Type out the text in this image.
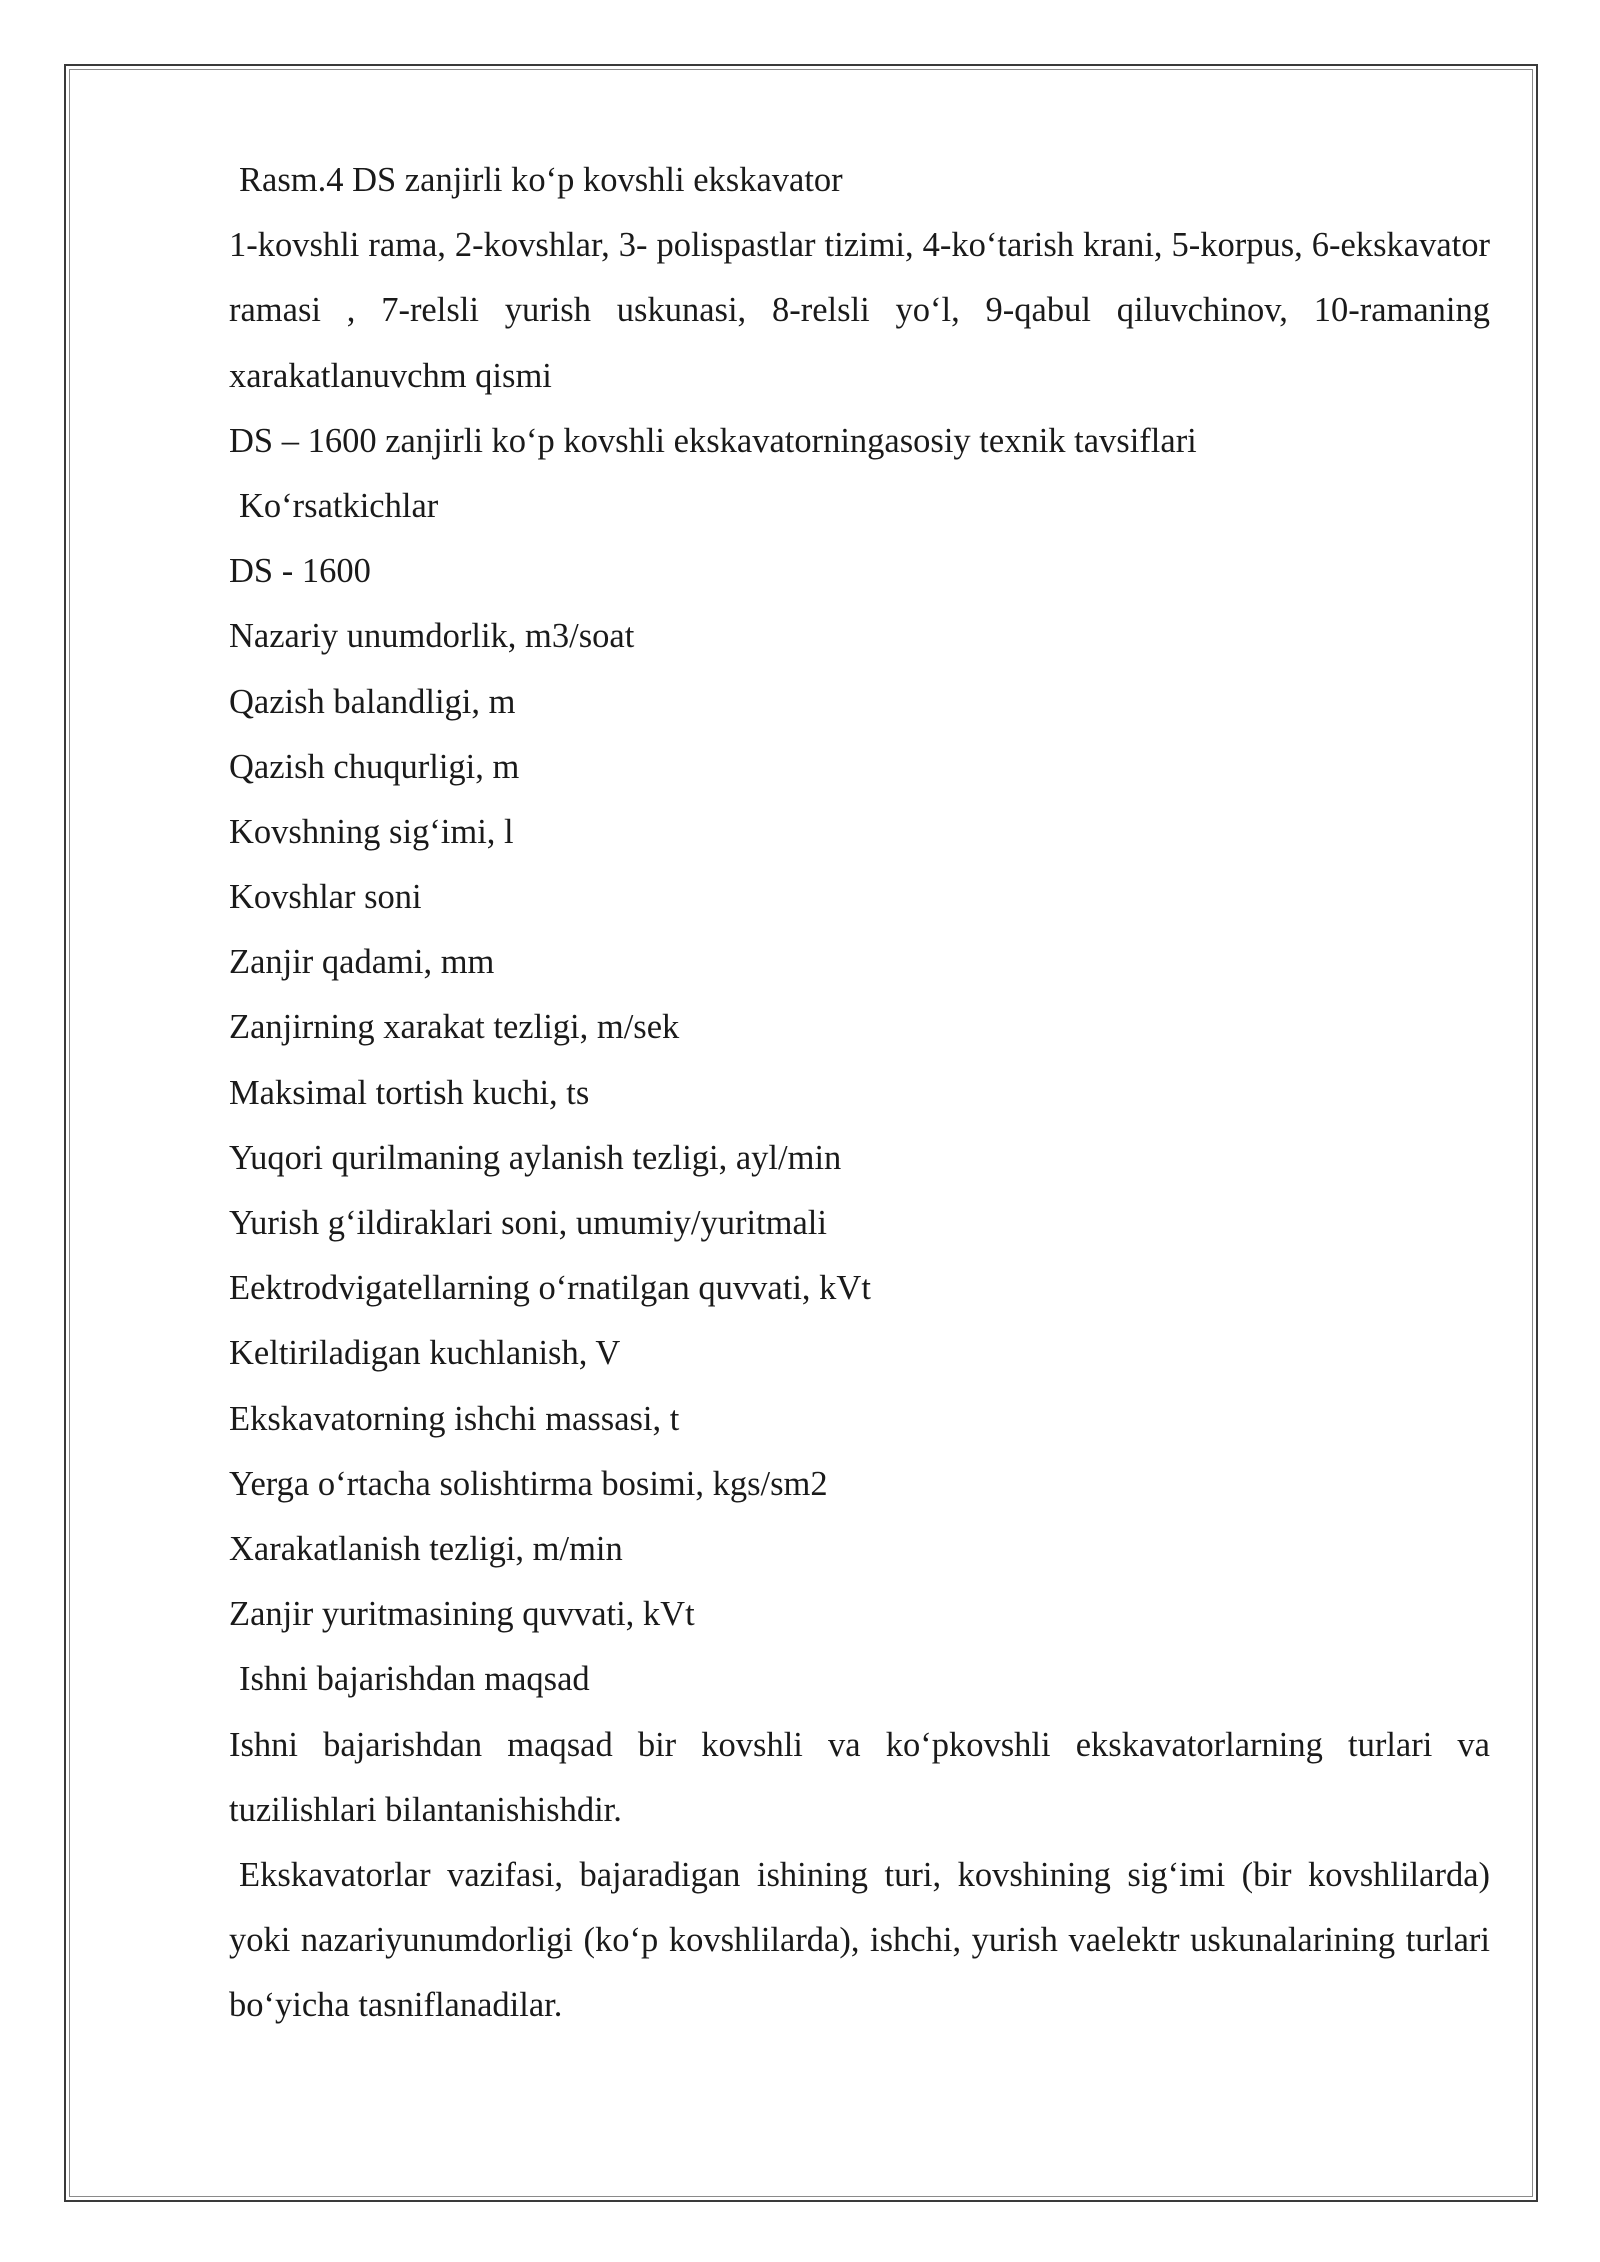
Rasm.4 DS zanjirli ko‘p kovshli ekskavator
1-kovshli rama, 2-kovshlar, 3- polispastlar tizimi, 4-ko‘tarish krani, 5-korpus, 6-ekskavator ramasi , 7-relsli yurish uskunasi, 8-relsli yo‘l, 9-qabul qiluvchinov, 10-ramaning xarakatlanuvchm qismi
DS – 1600 zanjirli ko‘p kovshli ekskavatorningasosiy texnik tavsiflari
Ko‘rsatkichlar
DS - 1600
Nazariy unumdorlik, m3/soat
Qazish balandligi, m
Qazish chuqurligi, m
Kovshning sig‘imi, l
Kovshlar soni
Zanjir qadami, mm
Zanjirning xarakat tezligi, m/sek
Maksimal tortish kuchi, ts
Yuqori qurilmaning aylanish tezligi, ayl/min
Yurish g‘ildiraklari soni, umumiy/yuritmali
Eektrodvigatellarning o‘rnatilgan quvvati, kVt
Keltiriladigan kuchlanish, V
Ekskavatorning ishchi massasi, t
Yerga o‘rtacha solishtirma bosimi, kgs/sm2
Xarakatlanish tezligi, m/min
Zanjir yuritmasining quvvati, kVt
Ishni bajarishdan maqsad
Ishni bajarishdan maqsad bir kovshli va ko‘pkovshli ekskavatorlarning turlari va tuzilishlari bilantanishishdir.
Ekskavatorlar vazifasi, bajaradigan ishining turi, kovshining sig‘imi (bir kovshlilarda) yoki nazariyunumdorligi (ko‘p kovshlilarda), ishchi, yurish vaelektr uskunalarining turlari bo‘yicha tasniflanadilar.
